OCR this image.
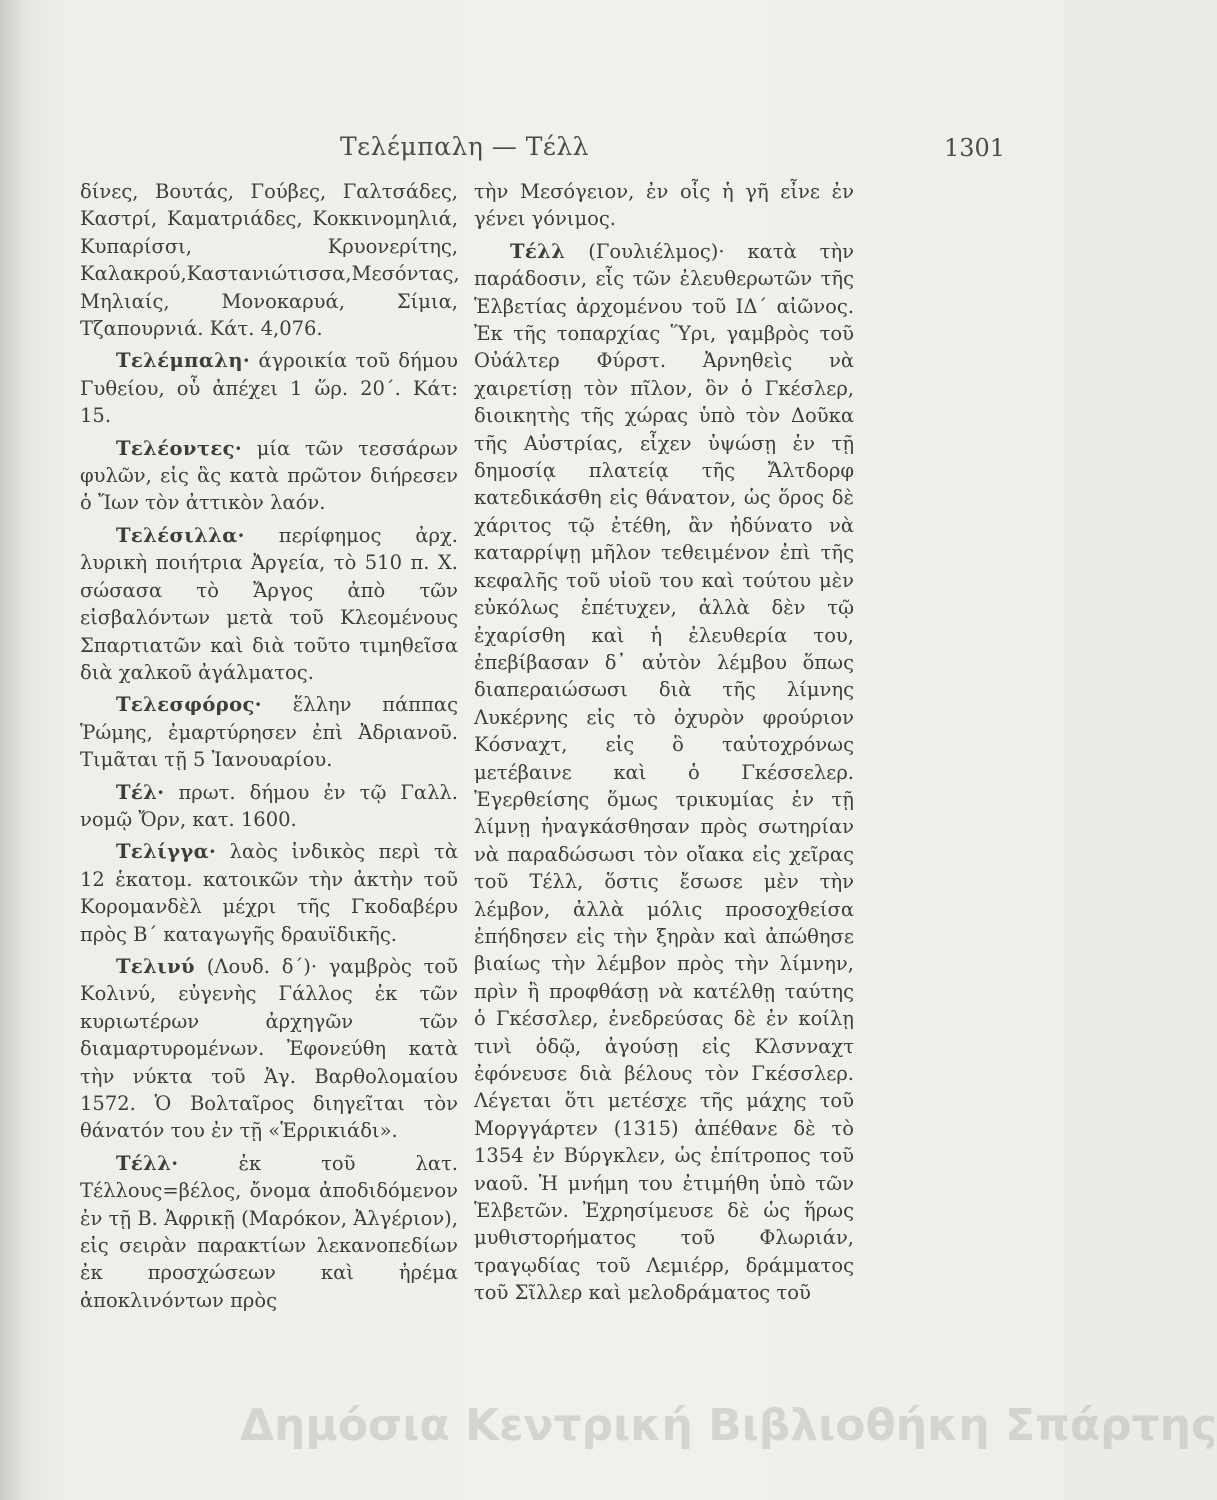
Τελέμπαλη — Τέλλ	1301

δίνες, Βουτάς, Γούβες, Γαλτσάδες, Καστρί, Καματριάδες, Κοκκινομηλιά, Κυπαρίσσι, Κρυονερίτης, Καλακρού,Καστανιώτισσα,Μεσόντας, Μηλιαίς, Μονοκαρυά, Σίμια, Τζαπουρνιά. Κάτ. 4,076.

Τελέμπαλη· άγροικία τοῦ δήμου Γυθείου, οὗ ἀπέχει 1 ὥρ. 20΄. Κάτ: 15.

Τελέοντες· μία τῶν τεσσάρων φυλῶν, εἰς ἃς κατὰ πρῶτον διήρεσεν ὁ Ἴων τὸν ἀττικὸν λαόν.

Τελέσιλλα· περίφημος ἀρχ. λυρικὴ ποιήτρια Ἀργεία, τὸ 510 π. Χ. σώσασα τὸ Ἄργος ἀπὸ τῶν εἰσβαλόντων μετὰ τοῦ Κλεομένους Σπαρτιατῶν καὶ διὰ τοῦτο τιμηθεῖσα διὰ χαλκοῦ ἀγάλματος.

Τελεσφόρος· ἕλλην πάππας Ῥώμης, ἐμαρτύρησεν ἐπὶ Ἀδριανοῦ. Τιμᾶται τῇ 5 Ἰανουαρίου.

Τέλ· πρωτ. δήμου ἐν τῷ Γαλλ. νομῷ Ὄρν, κατ. 1600.

Τελίγγα· λαὸς ἰνδικὸς περὶ τὰ 12 ἑκατομ. κατοικῶν τὴν ἀκτὴν τοῦ Κορομανδὲλ μέχρι τῆς Γκοδαβέρυ πρὸς Β΄ καταγωγῆς δραυϊδικῆς.

Τελινύ (Λουδ. δ΄)· γαμβρὸς τοῦ Κολινύ, εὐγενὴς Γάλλος ἐκ τῶν κυριωτέρων ἀρχηγῶν τῶν διαμαρτυρομένων. Ἐφονεύθη κατὰ τὴν νύκτα τοῦ Ἁγ. Βαρθολομαίου 1572. Ὁ Βολταῖρος διηγεῖται τὸν θάνατόν του ἐν τῇ «Ἑρρικιάδι».

Τέλλ· ἐκ τοῦ λατ. Τέλλους=βέλος, ὄνομα ἀποδιδόμενον ἐν τῇ Β. Ἀφρικῇ (Μαρόκον, Ἀλγέριον), εἰς σειρὰν παρακτίων λεκανοπεδίων ἐκ προσχώσεων καὶ ἠρέμα ἀποκλινόντων πρὸς

τὴν Μεσόγειον, ἐν οἷς ἡ γῆ εἶνε ἐν γένει γόνιμος.

Τέλλ (Γουλιέλμος)· κατὰ τὴν παράδοσιν, εἷς τῶν ἐλευθερωτῶν τῆς Ἑλβετίας ἀρχομένου τοῦ ΙΔ΄ αἰῶνος. Ἐκ τῆς τοπαρχίας Ὕρι, γαμβρὸς τοῦ Οὐάλτερ Φύρστ. Ἀρνηθεὶς νὰ χαιρετίσῃ τὸν πῖλον, ὃν ὁ Γκέσλερ, διοικητὴς τῆς χώρας ὑπὸ τὸν Δοῦκα τῆς Αὐστρίας, εἶχεν ὑψώσῃ ἐν τῇ δημοσίᾳ πλατείᾳ τῆς Ἄλτδορφ κατεδικάσθη εἰς θάνατον, ὡς ὅρος δὲ χάριτος τῷ ἐτέθη, ἂν ἠδύνατο νὰ καταρρίψῃ μῆλον τεθειμένον ἐπὶ τῆς κεφαλῆς τοῦ υἱοῦ του καὶ τούτου μὲν εὐκόλως ἐπέτυχεν, ἀλλὰ δὲν τῷ ἐχαρίσθη καὶ ἡ ἐλευθερία του, ἐπεβίβασαν δ᾽ αὐτὸν λέμβου ὅπως διαπεραιώσωσι διὰ τῆς λίμνης Λυκέρνης εἰς τὸ ὀχυρὸν φρούριον Κόσναχτ, εἰς ὃ ταὐτοχρόνως μετέβαινε καὶ ὁ Γκέσσελερ. Ἐγερθείσης ὅμως τρικυμίας ἐν τῇ λίμνῃ ἠναγκάσθησαν πρὸς σωτηρίαν νὰ παραδώσωσι τὸν οἴακα εἰς χεῖρας τοῦ Τέλλ, ὅστις ἔσωσε μὲν τὴν λέμβον, ἀλλὰ μόλις προσοχθείσα ἐπήδησεν εἰς τὴν ξηρὰν καὶ ἀπώθησε βιαίως τὴν λέμβον πρὸς τὴν λίμνην, πρὶν ἢ προφθάσῃ νὰ κατέλθῃ ταύτης ὁ Γκέσσλερ, ἐνεδρεύσας δὲ ἐν κοίλῃ τινὶ ὁδῷ, ἀγούσῃ εἰς Κλσνναχτ ἐφόνευσε διὰ βέλους τὸν Γκέσσλερ. Λέγεται ὅτι μετέσχε τῆς μάχης τοῦ Μοργγάρτεν (1315) ἀπέθανε δὲ τὸ 1354 ἐν Βύργκλεν, ὡς ἐπίτροπος τοῦ ναοῦ. Ἡ μνήμη του ἐτιμήθη ὑπὸ τῶν Ἑλβετῶν. Ἐχρησίμευσε δὲ ὡς ἥρως μυθιστορήματος τοῦ Φλωριάν, τραγῳδίας τοῦ Λεμιέρρ, δράμματος τοῦ Σῖλλερ καὶ μελοδράματος τοῦ

Δημόσια Κεντρική Βιβλιοθήκη Σπάρτης
